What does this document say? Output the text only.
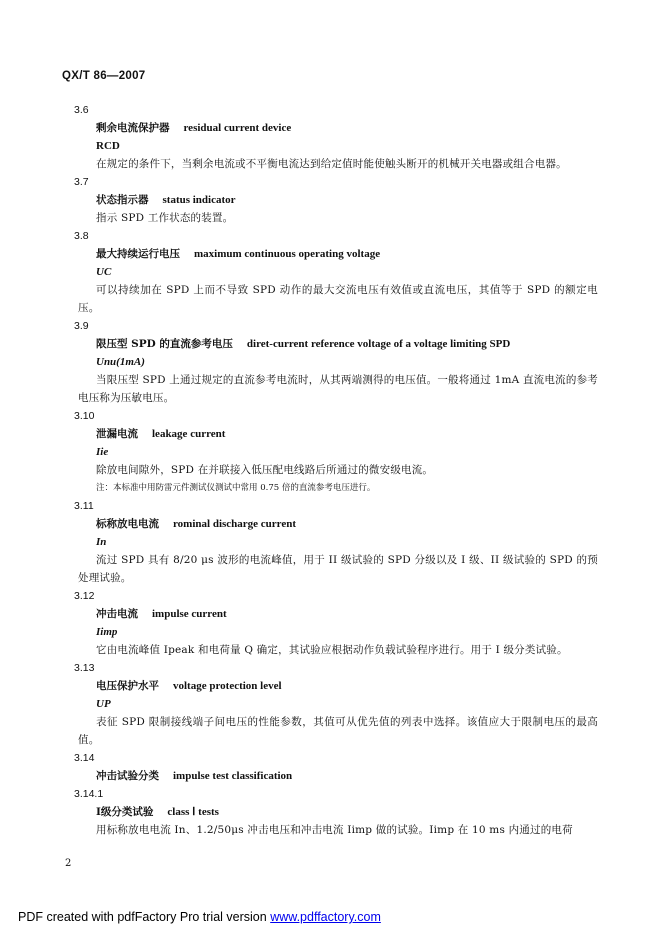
QX/T 86—2007
3.6
剩余电流保护器 residual current device
RCD
在规定的条件下，当剩余电流或不平衡电流达到给定值时能使触头断开的机械开关电器或组合电器。
3.7
状态指示器 status indicator
指示 SPD 工作状态的装置。
3.8
最大持续运行电压 maximum continuous operating voltage
UC
可以持续加在 SPD 上而不导致 SPD 动作的最大交流电压有效值或直流电压，其值等于 SPD 的额定电压。
3.9
限压型 SPD 的直流参考电压 diret-current reference voltage of a voltage limiting SPD
Unu(1mA)
当限压型 SPD 上通过规定的直流参考电流时，从其两端测得的电压值。一般将通过 1mA 直流电流的参考电压称为压敏电压。
3.10
泄漏电流 leakage current
Iie
除放电间隙外，SPD 在并联接入低压配电线路后所通过的微安级电流。
注：本标准中用防雷元件测试仪测试中常用 0.75 倍的直流参考电压进行。
3.11
标称放电电流 rominal discharge current
In
流过 SPD 具有 8/20 μs 波形的电流峰值，用于 II 级试验的 SPD 分级以及 I 级、II 级试验的 SPD 的预处理试验。
3.12
冲击电流 impulse current
Iimp
它由电流峰值 Ipeak 和电荷量 Q 确定，其试验应根据动作负载试验程序进行。用于 I 级分类试验。
3.13
电压保护水平 voltage protection level
UP
表征 SPD 限制接线端子间电压的性能参数，其值可从优先值的列表中选择。该值应大于限制电压的最高值。
3.14
冲击试验分类 impulse test classification
3.14.1
Ⅰ级分类试验 class Ⅰ tests
用标称放电电流 In、1.2/50μs 冲击电压和冲击电流 Iimp 做的试验。Iimp 在 10 ms 内通过的电荷
2
PDF created with pdfFactory Pro trial version www.pdffactory.com
